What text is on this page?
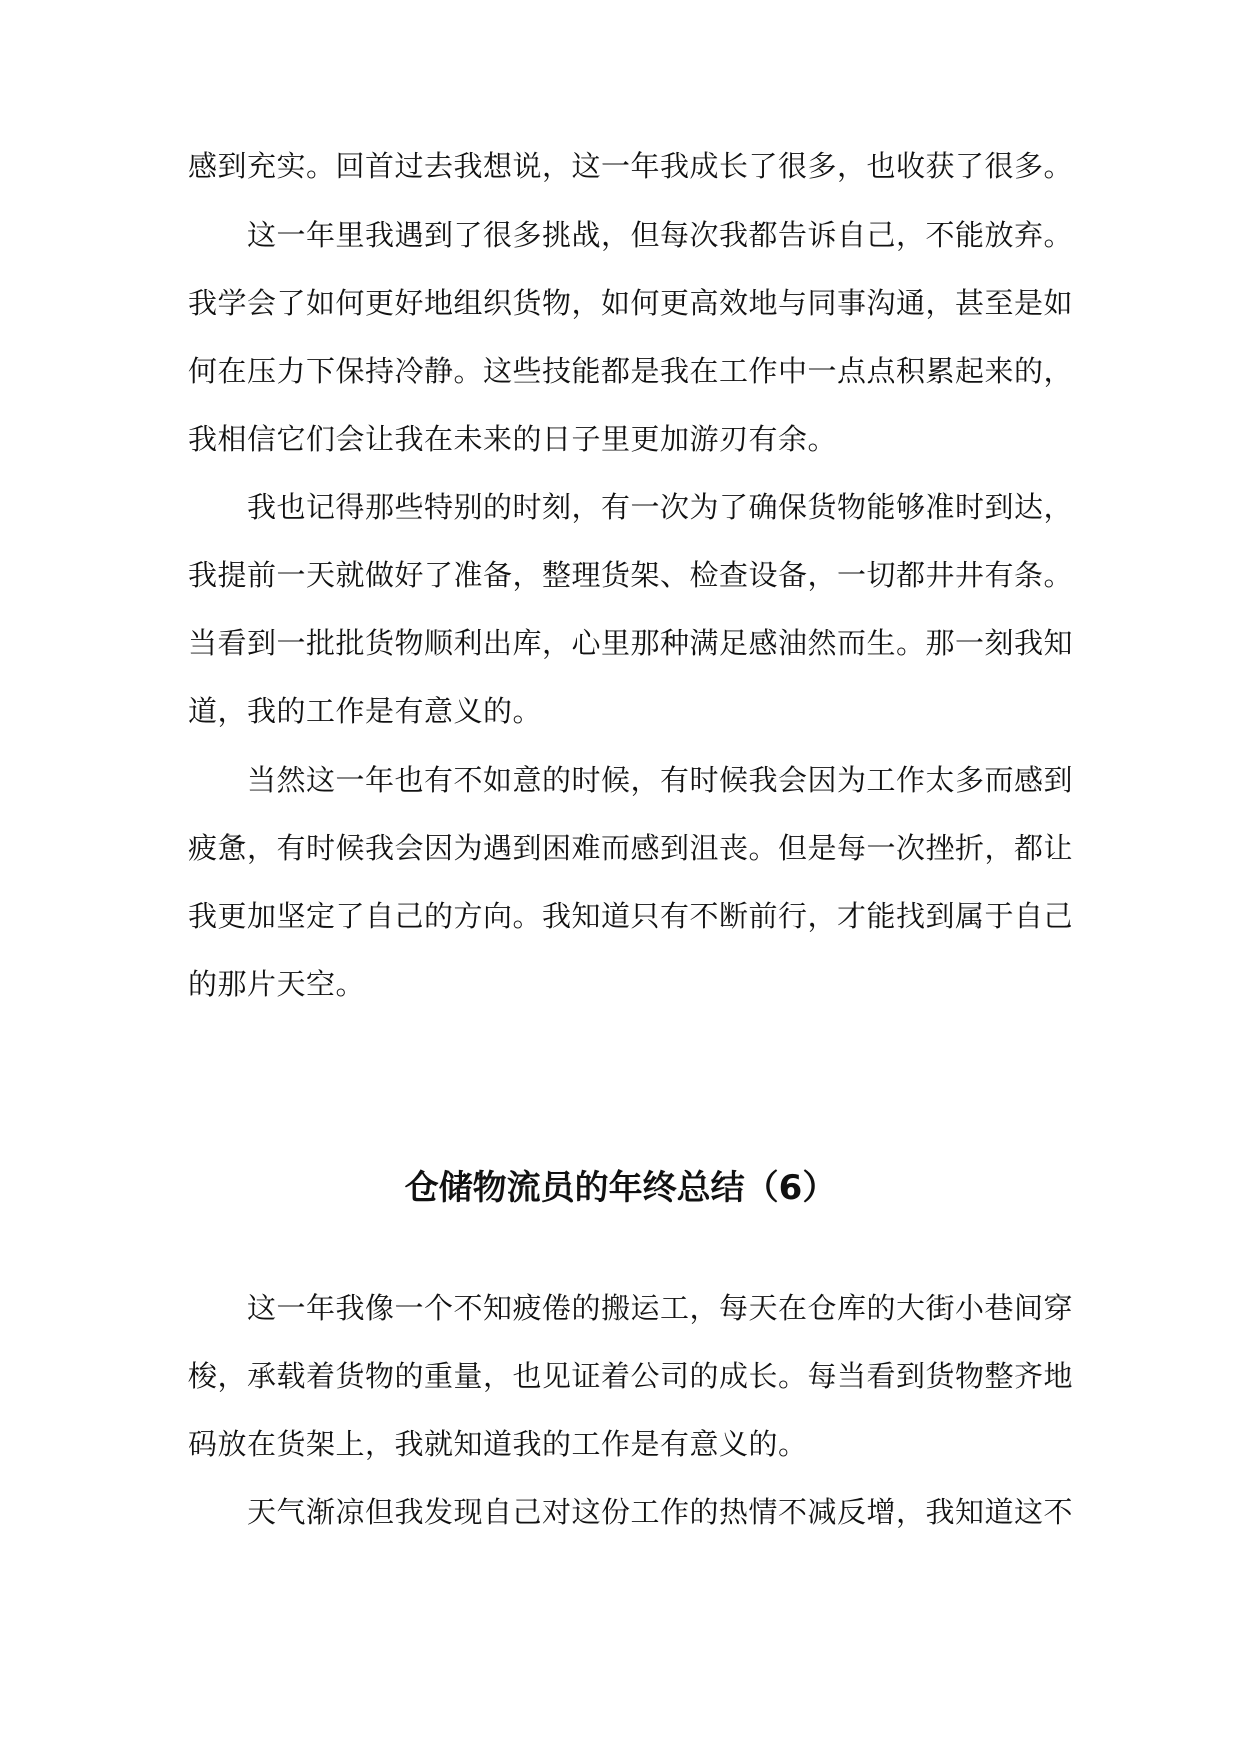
感到充实。回首过去我想说，这一年我成长了很多，也收获了很多。
这一年里我遇到了很多挑战，但每次我都告诉自己，不能放弃。
我学会了如何更好地组织货物，如何更高效地与同事沟通，甚至是如
何在压力下保持冷静。这些技能都是我在工作中一点点积累起来的，
我相信它们会让我在未来的日子里更加游刃有余。
我也记得那些特别的时刻，有一次为了确保货物能够准时到达，
我提前一天就做好了准备，整理货架、检查设备，一切都井井有条。
当看到一批批货物顺利出库，心里那种满足感油然而生。那一刻我知
道，我的工作是有意义的。
当然这一年也有不如意的时候，有时候我会因为工作太多而感到
疲惫，有时候我会因为遇到困难而感到沮丧。但是每一次挫折，都让
我更加坚定了自己的方向。我知道只有不断前行，才能找到属于自己
的那片天空。
仓储物流员的年终总结（6）
这一年我像一个不知疲倦的搬运工，每天在仓库的大街小巷间穿
梭，承载着货物的重量，也见证着公司的成长。每当看到货物整齐地
码放在货架上，我就知道我的工作是有意义的。
天气渐凉但我发现自己对这份工作的热情不减反增，我知道这不
